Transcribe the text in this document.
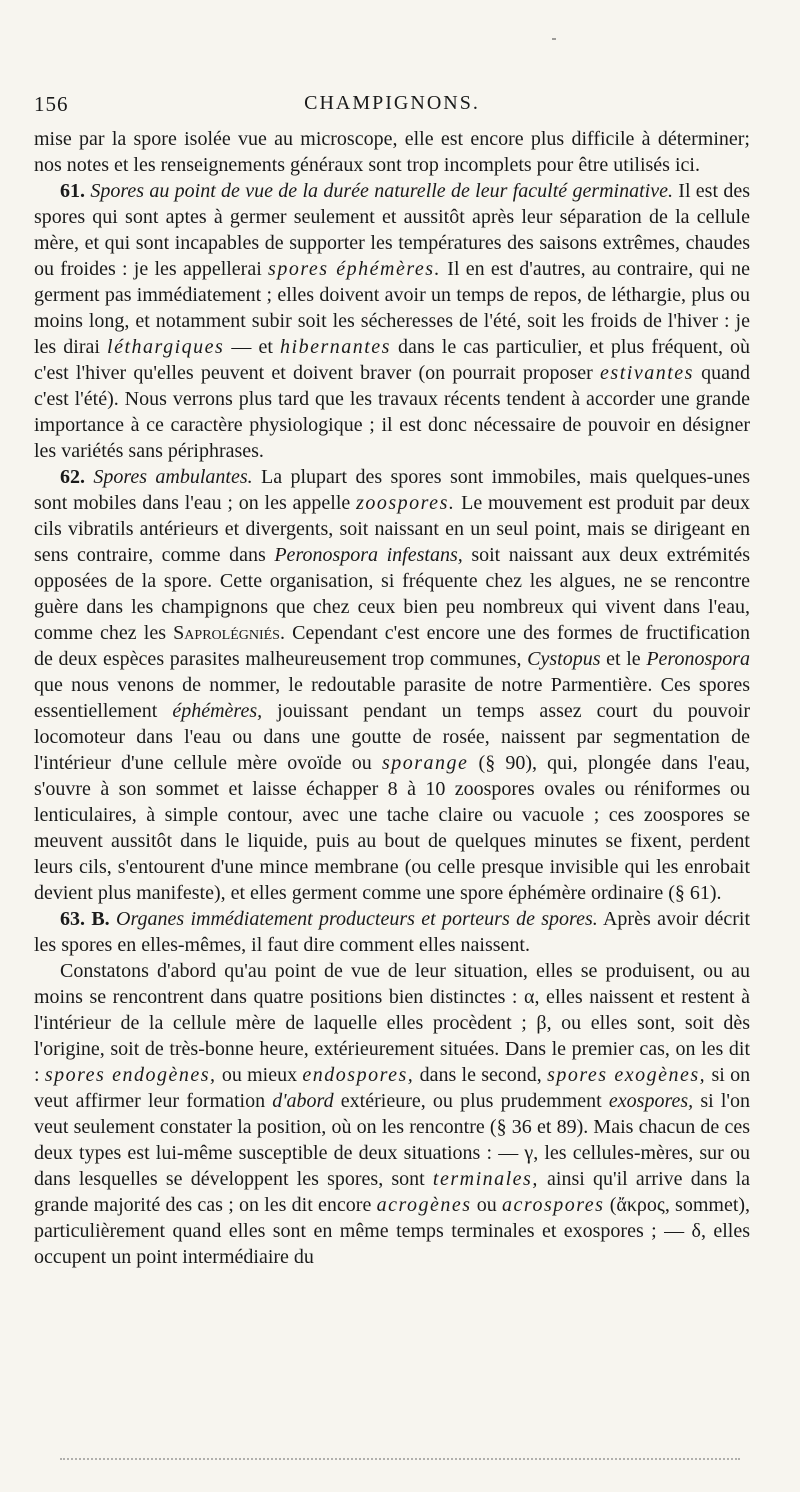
156	CHAMPIGNONS.

mise par la spore isolée vue au microscope, elle est encore plus difficile à déterminer; nos notes et les renseignements généraux sont trop incomplets pour être utilisés ici.

61. Spores au point de vue de la durée naturelle de leur faculté germinative. Il est des spores qui sont aptes à germer seulement et aussitôt après leur séparation de la cellule mère, et qui sont incapables de supporter les températures des saisons extrêmes, chaudes ou froides : je les appellerai spores éphémères. Il en est d'autres, au contraire, qui ne germent pas immédiatement ; elles doivent avoir un temps de repos, de léthargie, plus ou moins long, et notamment subir soit les sécheresses de l'été, soit les froids de l'hiver : je les dirai léthargiques — et hibernantes dans le cas particulier, et plus fréquent, où c'est l'hiver qu'elles peuvent et doivent braver (on pourrait proposer estivantes quand c'est l'été). Nous verrons plus tard que les travaux récents tendent à accorder une grande importance à ce caractère physiologique ; il est donc nécessaire de pouvoir en désigner les variétés sans périphrases.

62. Spores ambulantes. La plupart des spores sont immobiles, mais quelques-unes sont mobiles dans l'eau ; on les appelle zoospores. Le mouvement est produit par deux cils vibratils antérieurs et divergents, soit naissant en un seul point, mais se dirigeant en sens contraire, comme dans Peronospora infestans, soit naissant aux deux extrémités opposées de la spore. Cette organisation, si fréquente chez les algues, ne se rencontre guère dans les champignons que chez ceux bien peu nombreux qui vivent dans l'eau, comme chez les Saprolégniés. Cependant c'est encore une des formes de fructification de deux espèces parasites malheureusement trop communes, Cystopus et le Peronospora que nous venons de nommer, le redoutable parasite de notre Parmentière. Ces spores essentiellement éphémères, jouissant pendant un temps assez court du pouvoir locomoteur dans l'eau ou dans une goutte de rosée, naissent par segmentation de l'intérieur d'une cellule mère ovoïde ou sporange (§ 90), qui, plongée dans l'eau, s'ouvre à son sommet et laisse échapper 8 à 10 zoospores ovales ou réniformes ou lenticulaires, à simple contour, avec une tache claire ou vacuole ; ces zoospores se meuvent aussitôt dans le liquide, puis au bout de quelques minutes se fixent, perdent leurs cils, s'entourent d'une mince membrane (ou celle presque invisible qui les enrobait devient plus manifeste), et elles germent comme une spore éphémère ordinaire (§ 61).

63. B. Organes immédiatement producteurs et porteurs de spores. Après avoir décrit les spores en elles-mêmes, il faut dire comment elles naissent.

Constatons d'abord qu'au point de vue de leur situation, elles se produisent, ou au moins se rencontrent dans quatre positions bien distinctes : α, elles naissent et restent à l'intérieur de la cellule mère de laquelle elles procèdent ; β, ou elles sont, soit dès l'origine, soit de très-bonne heure, extérieurement situées. Dans le premier cas, on les dit : spores endogènes, ou mieux endospores, dans le second, spores exogènes, si on veut affirmer leur formation d'abord extérieure, ou plus prudemment exospores, si l'on veut seulement constater la position, où on les rencontre (§ 36 et 89). Mais chacun de ces deux types est lui-même susceptible de deux situations : — γ, les cellules-mères, sur ou dans lesquelles se développent les spores, sont terminales, ainsi qu'il arrive dans la grande majorité des cas ; on les dit encore acrogènes ou acrospores (ἄκρος, sommet), particulièrement quand elles sont en même temps terminales et exospores ; — δ, elles occupent un point intermédiaire du
